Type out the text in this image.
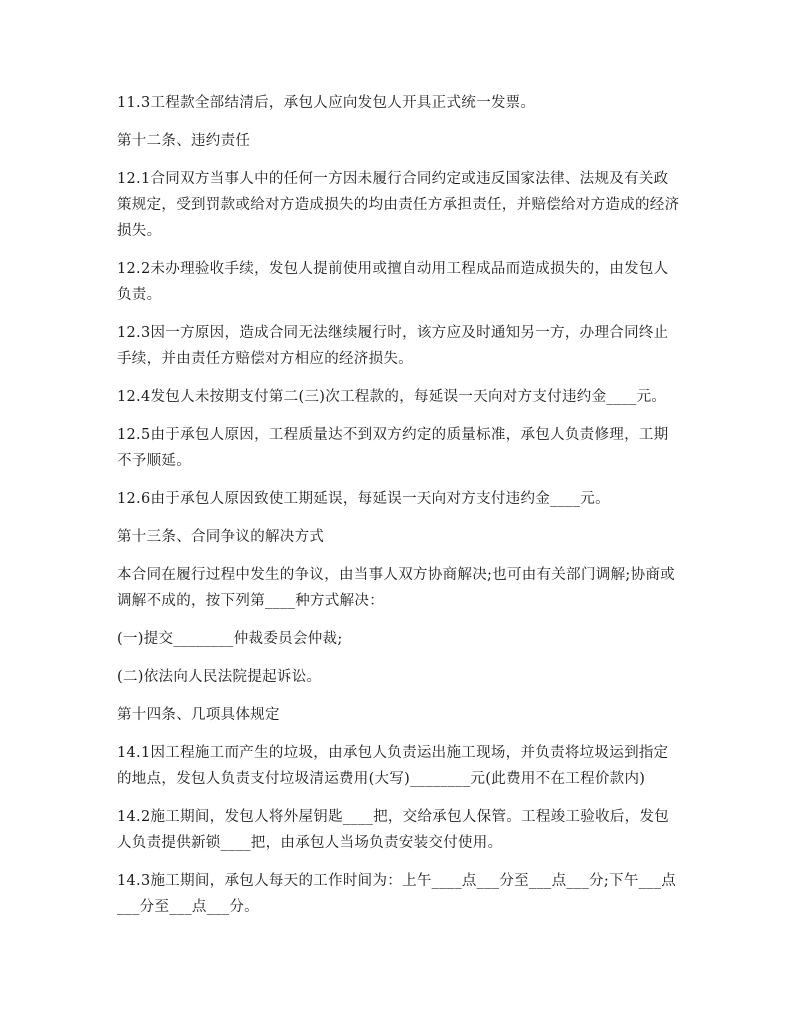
11.3工程款全部结清后，承包人应向发包人开具正式统一发票。

第十二条、违约责任

12.1合同双方当事人中的任何一方因未履行合同约定或违反国家法律、法规及有关政策规定，受到罚款或给对方造成损失的均由责任方承担责任，并赔偿给对方造成的经济损失。

12.2未办理验收手续，发包人提前使用或擅自动用工程成品而造成损失的，由发包人负责。

12.3因一方原因，造成合同无法继续履行时，该方应及时通知另一方，办理合同终止手续，并由责任方赔偿对方相应的经济损失。

12.4发包人未按期支付第二(三)次工程款的，每延误一天向对方支付违约金____元。

12.5由于承包人原因，工程质量达不到双方约定的质量标准，承包人负责修理，工期不予顺延。

12.6由于承包人原因致使工期延误，每延误一天向对方支付违约金____元。

第十三条、合同争议的解决方式

本合同在履行过程中发生的争议，由当事人双方协商解决;也可由有关部门调解;协商或调解不成的，按下列第____种方式解决：

(一)提交________仲裁委员会仲裁;

(二)依法向人民法院提起诉讼。

第十四条、几项具体规定

14.1因工程施工而产生的垃圾，由承包人负责运出施工现场，并负责将垃圾运到指定的地点，发包人负责支付垃圾清运费用(大写)________元(此费用不在工程价款内)

14.2施工期间，发包人将外屋钥匙____把，交给承包人保管。工程竣工验收后，发包人负责提供新锁____把，由承包人当场负责安装交付使用。

14.3施工期间，承包人每天的工作时间为：上午____点___分至___点___分;下午___点___分至___点___分。
